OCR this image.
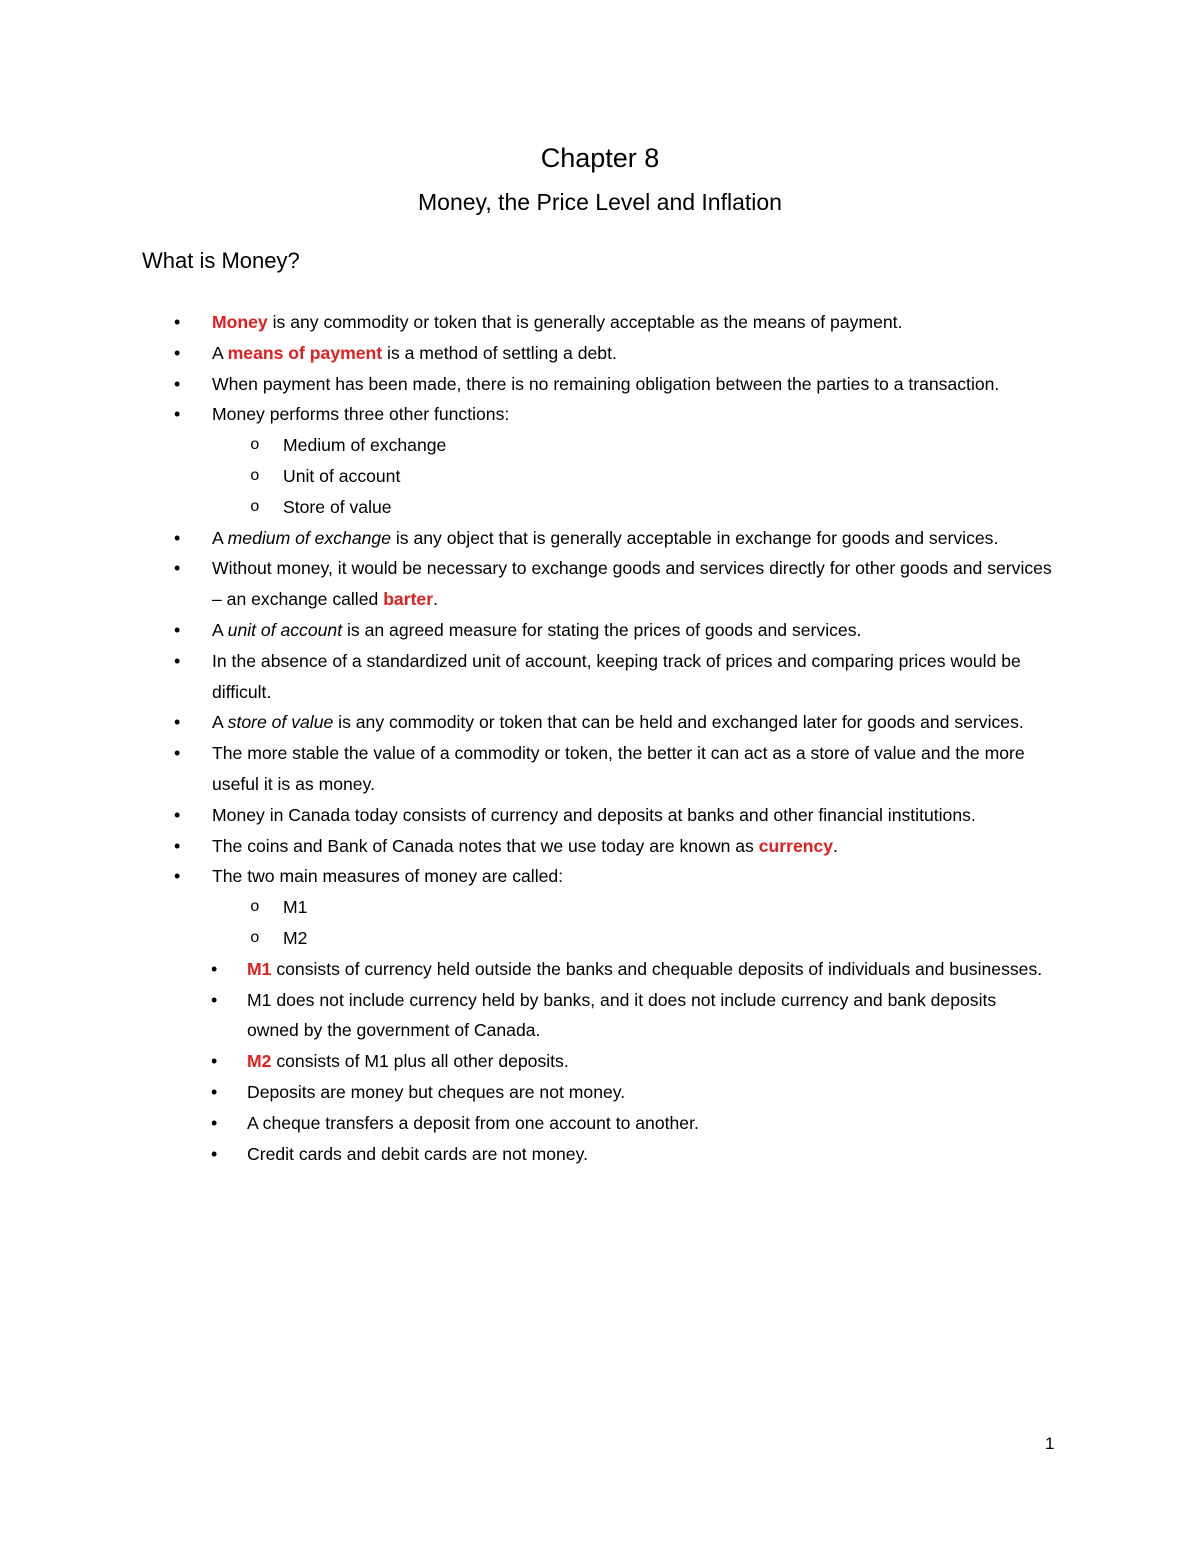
Chapter 8
Money, the Price Level and Inflation
What is Money?
• Money is any commodity or token that is generally acceptable as the means of payment.
• A means of payment is a method of settling a debt.
• When payment has been made, there is no remaining obligation between the parties to a transaction.
• Money performs three other functions:
o Medium of exchange
o Unit of account
o Store of value
• A medium of exchange is any object that is generally acceptable in exchange for goods and services.
• Without money, it would be necessary to exchange goods and services directly for other goods and services – an exchange called barter.
• A unit of account is an agreed measure for stating the prices of goods and services.
• In the absence of a standardized unit of account, keeping track of prices and comparing prices would be difficult.
• A store of value is any commodity or token that can be held and exchanged later for goods and services.
• The more stable the value of a commodity or token, the better it can act as a store of value and the more useful it is as money.
• Money in Canada today consists of currency and deposits at banks and other financial institutions.
• The coins and Bank of Canada notes that we use today are known as currency.
• The two main measures of money are called:
o M1
o M2
• M1 consists of currency held outside the banks and chequable deposits of individuals and businesses.
• M1 does not include currency held by banks, and it does not include currency and bank deposits owned by the government of Canada.
• M2 consists of M1 plus all other deposits.
• Deposits are money but cheques are not money.
• A cheque transfers a deposit from one account to another.
• Credit cards and debit cards are not money.
1
